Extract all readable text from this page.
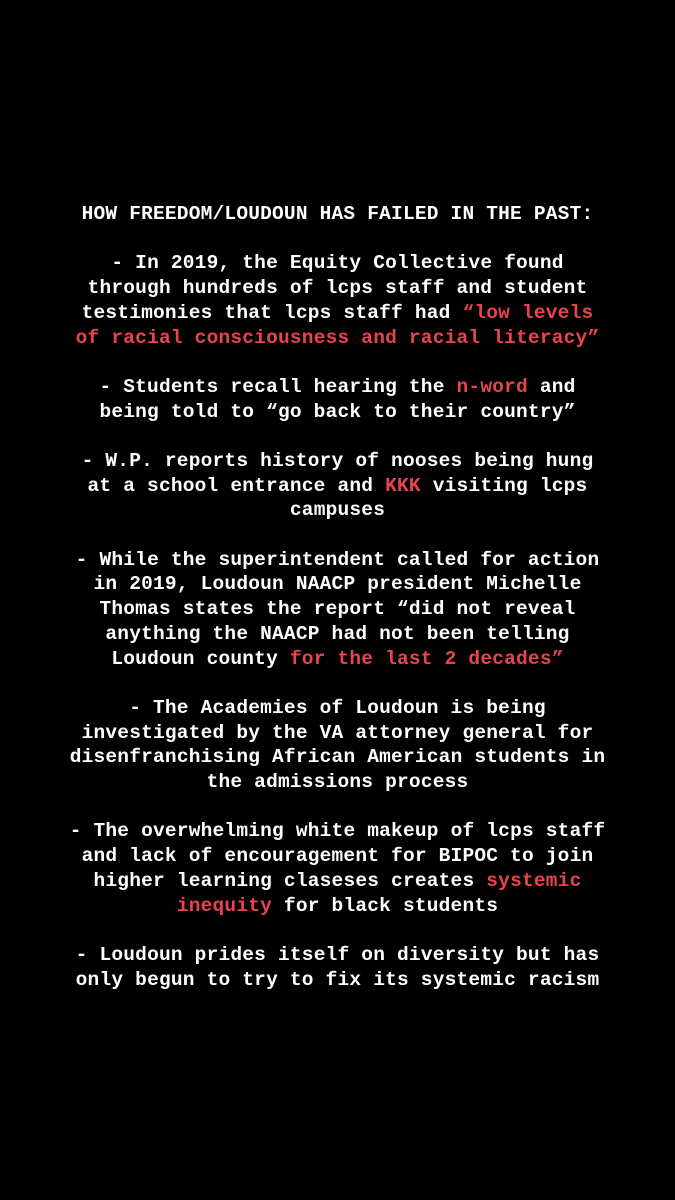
HOW FREEDOM/LOUDOUN HAS FAILED IN THE PAST:

- In 2019, the Equity Collective found
through hundreds of lcps staff and student
testimonies that lcps staff had “low levels
of racial consciousness and racial literacy”

- Students recall hearing the n-word and
being told to “go back to their country”

- W.P. reports history of nooses being hung
at a school entrance and KKK visiting lcps
campuses

- While the superintendent called for action
in 2019, Loudoun NAACP president Michelle
Thomas states the report “did not reveal
anything the NAACP had not been telling
Loudoun county for the last 2 decades”

- The Academies of Loudoun is being
investigated by the VA attorney general for
disenfranchising African American students in
the admissions process

- The overwhelming white makeup of lcps staff
and lack of encouragement for BIPOC to join
higher learning claseses creates systemic
inequity for black students

- Loudoun prides itself on diversity but has
only begun to try to fix its systemic racism
